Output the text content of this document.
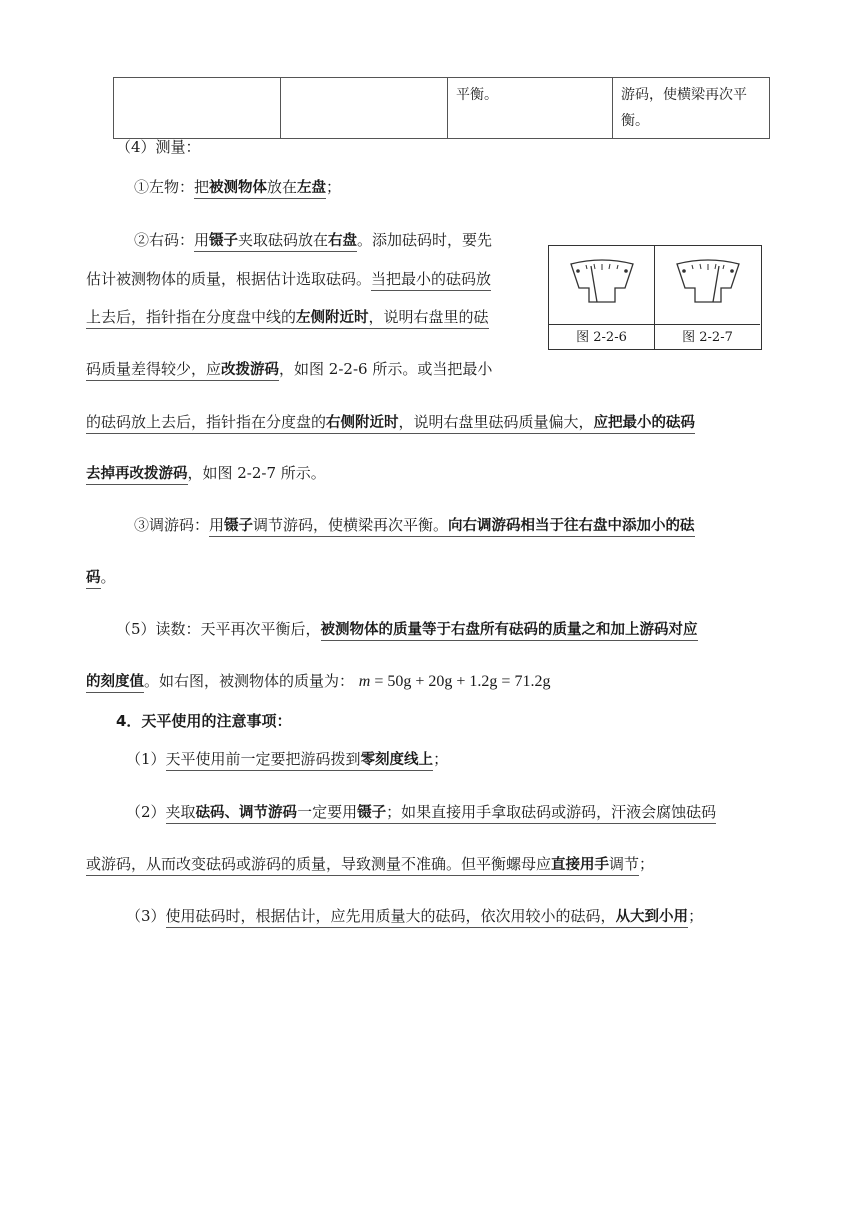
		平衡。	游码，使横梁再次平衡。
（4）测量：
①左物：把被测物体放在左盘；
②右码：用镊子夹取砝码放在右盘。添加砝码时，要先
估计被测物体的质量，根据估计选取砝码。当把最小的砝码放
上去后，指针指在分度盘中线的左侧附近时，说明右盘里的砝
码质量差得较少，应改拨游码，如图 2-2-6 所示。或当把最小
的砝码放上去后，指针指在分度盘的右侧附近时，说明右盘里砝码质量偏大，应把最小的砝码
去掉再改拨游码，如图 2-2-7 所示。
③调游码：用镊子调节游码，使横梁再次平衡。向右调游码相当于往右盘中添加小的砝
码。
（5）读数：天平再次平衡后，被测物体的质量等于右盘所有砝码的质量之和加上游码对应
的刻度值。如右图，被测物体的质量为： m = 50g + 20g + 1.2g = 71.2g
4．天平使用的注意事项：
（1）天平使用前一定要把游码拨到零刻度线上；
（2）夹取砝码、调节游码一定要用镊子；如果直接用手拿取砝码或游码，汗液会腐蚀砝码
或游码，从而改变砝码或游码的质量，导致测量不准确。但平衡螺母应直接用手调节；
（3）使用砝码时，根据估计，应先用质量大的砝码，依次用较小的砝码，从大到小用；
图 2-2-6	图 2-2-7
